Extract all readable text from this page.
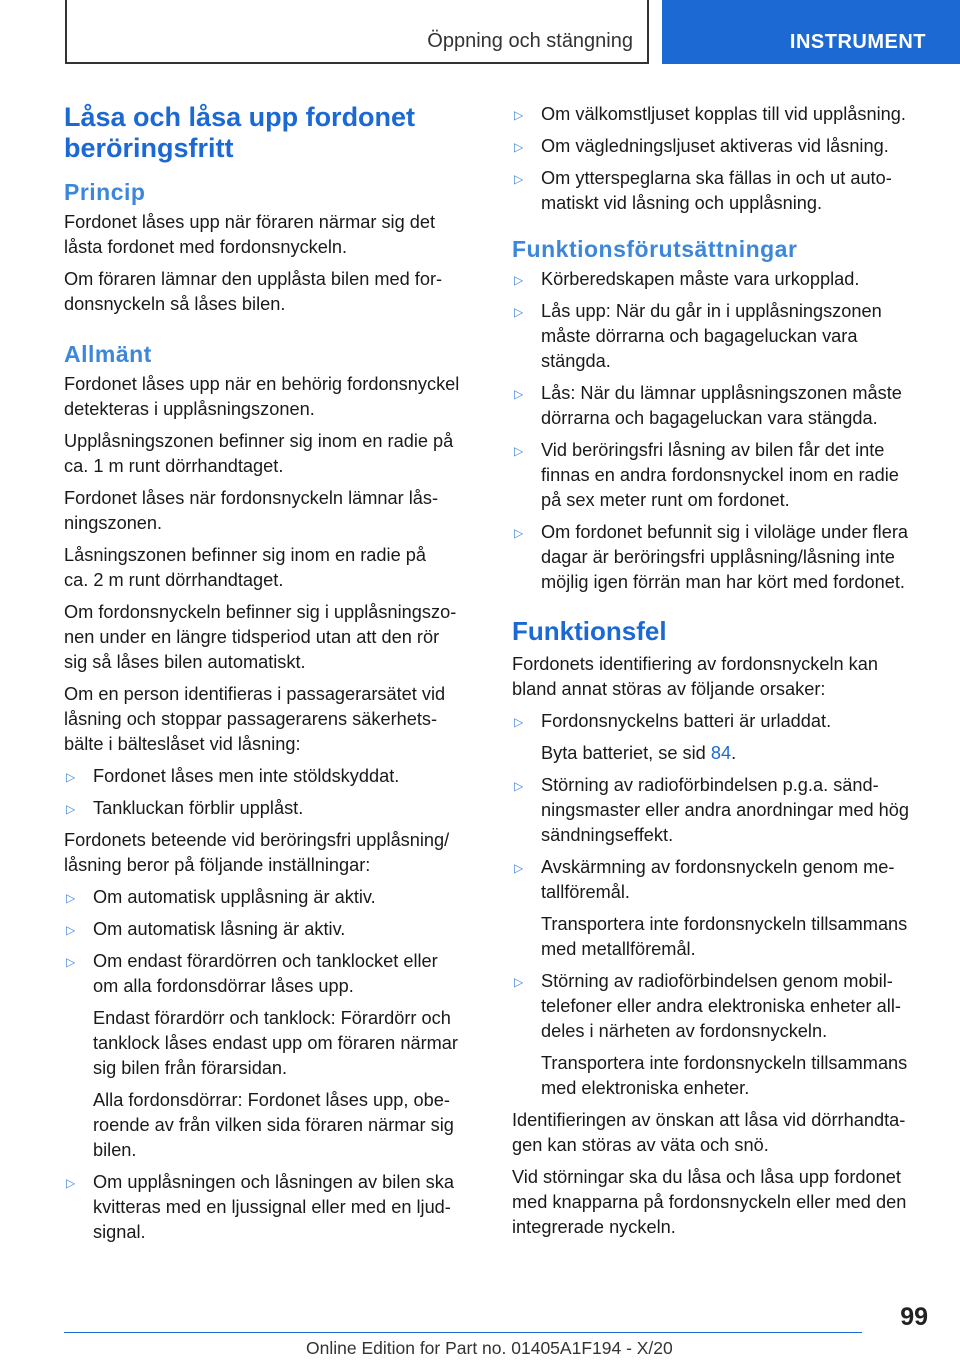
Öppning och stängning	INSTRUMENT
Låsa och låsa upp fordonet
beröringsfritt
Princip

Fordonet låses upp när föraren närmar sig det
låsta fordonet med fordonsnyckeln.

Om föraren lämnar den upplåsta bilen med for-
donsnyckeln så låses bilen.

Allmänt

Fordonet låses upp när en behörig fordonsnyckel
detekteras i upplåsningszonen.

Upplåsningszonen befinner sig inom en radie på
ca. 1 m runt dörrhandtaget.

Fordonet låses när fordonsnyckeln lämnar lås-
ningszonen.

Låsningszonen befinner sig inom en radie på
ca. 2 m runt dörrhandtaget.

Om fordonsnyckeln befinner sig i upplåsningszo-
nen under en längre tidsperiod utan att den rör
sig så låses bilen automatiskt.

Om en person identifieras i passagerarsätet vid
låsning och stoppar passagerarens säkerhets-
bälte i bälteslåset vid låsning:

▷ Fordonet låses men inte stöldskyddat.
▷ Tankluckan förblir upplåst.

Fordonets beteende vid beröringsfri upplåsning/
låsning beror på följande inställningar:

▷ Om automatisk upplåsning är aktiv.
▷ Om automatisk låsning är aktiv.
▷ Om endast förardörren och tanklocket eller
om alla fordonsdörrar låses upp.
Endast förardörr och tanklock: Förardörr och
tanklock låses endast upp om föraren närmar
sig bilen från förarsidan.
Alla fordonsdörrar: Fordonet låses upp, obe-
roende av från vilken sida föraren närmar sig
bilen.
▷ Om upplåsningen och låsningen av bilen ska
kvitteras med en ljussignal eller med en ljud-
signal.
▷ Om välkomstljuset kopplas till vid upplåsning.
▷ Om vägledningsljuset aktiveras vid låsning.
▷ Om ytterspeglarna ska fällas in och ut auto-
matiskt vid låsning och upplåsning.
Funktionsförutsättningar
▷ Körberedskapen måste vara urkopplad.
▷ Lås upp: När du går in i upplåsningszonen
måste dörrarna och bagageluckan vara
stängda.
▷ Lås: När du lämnar upplåsningszonen måste
dörrarna och bagageluckan vara stängda.
▷ Vid beröringsfri låsning av bilen får det inte
finnas en andra fordonsnyckel inom en radie
på sex meter runt om fordonet.
▷ Om fordonet befunnit sig i viloläge under flera
dagar är beröringsfri upplåsning/låsning inte
möjlig igen förrän man har kört med fordonet.
Funktionsfel

Fordonets identifiering av fordonsnyckeln kan
bland annat störas av följande orsaker:

▷ Fordonsnyckelns batteri är urladdat.
Byta batteriet, se sid 84.
▷ Störning av radioförbindelsen p.g.a. sänd-
ningsmaster eller andra anordningar med hög
sändningseffekt.
▷ Avskärmning av fordonsnyckeln genom me-
tallföremål.
Transportera inte fordonsnyckeln tillsammans
med metallföremål.
▷ Störning av radioförbindelsen genom mobil-
telefoner eller andra elektroniska enheter all-
deles i närheten av fordonsnyckeln.
Transportera inte fordonsnyckeln tillsammans
med elektroniska enheter.

Identifieringen av önskan att låsa vid dörrhandta-
gen kan störas av väta och snö.

Vid störningar ska du låsa och låsa upp fordonet
med knapparna på fordonsnyckeln eller med den
integrerade nyckeln.

99
Online Edition for Part no. 01405A1F194 - X/20
